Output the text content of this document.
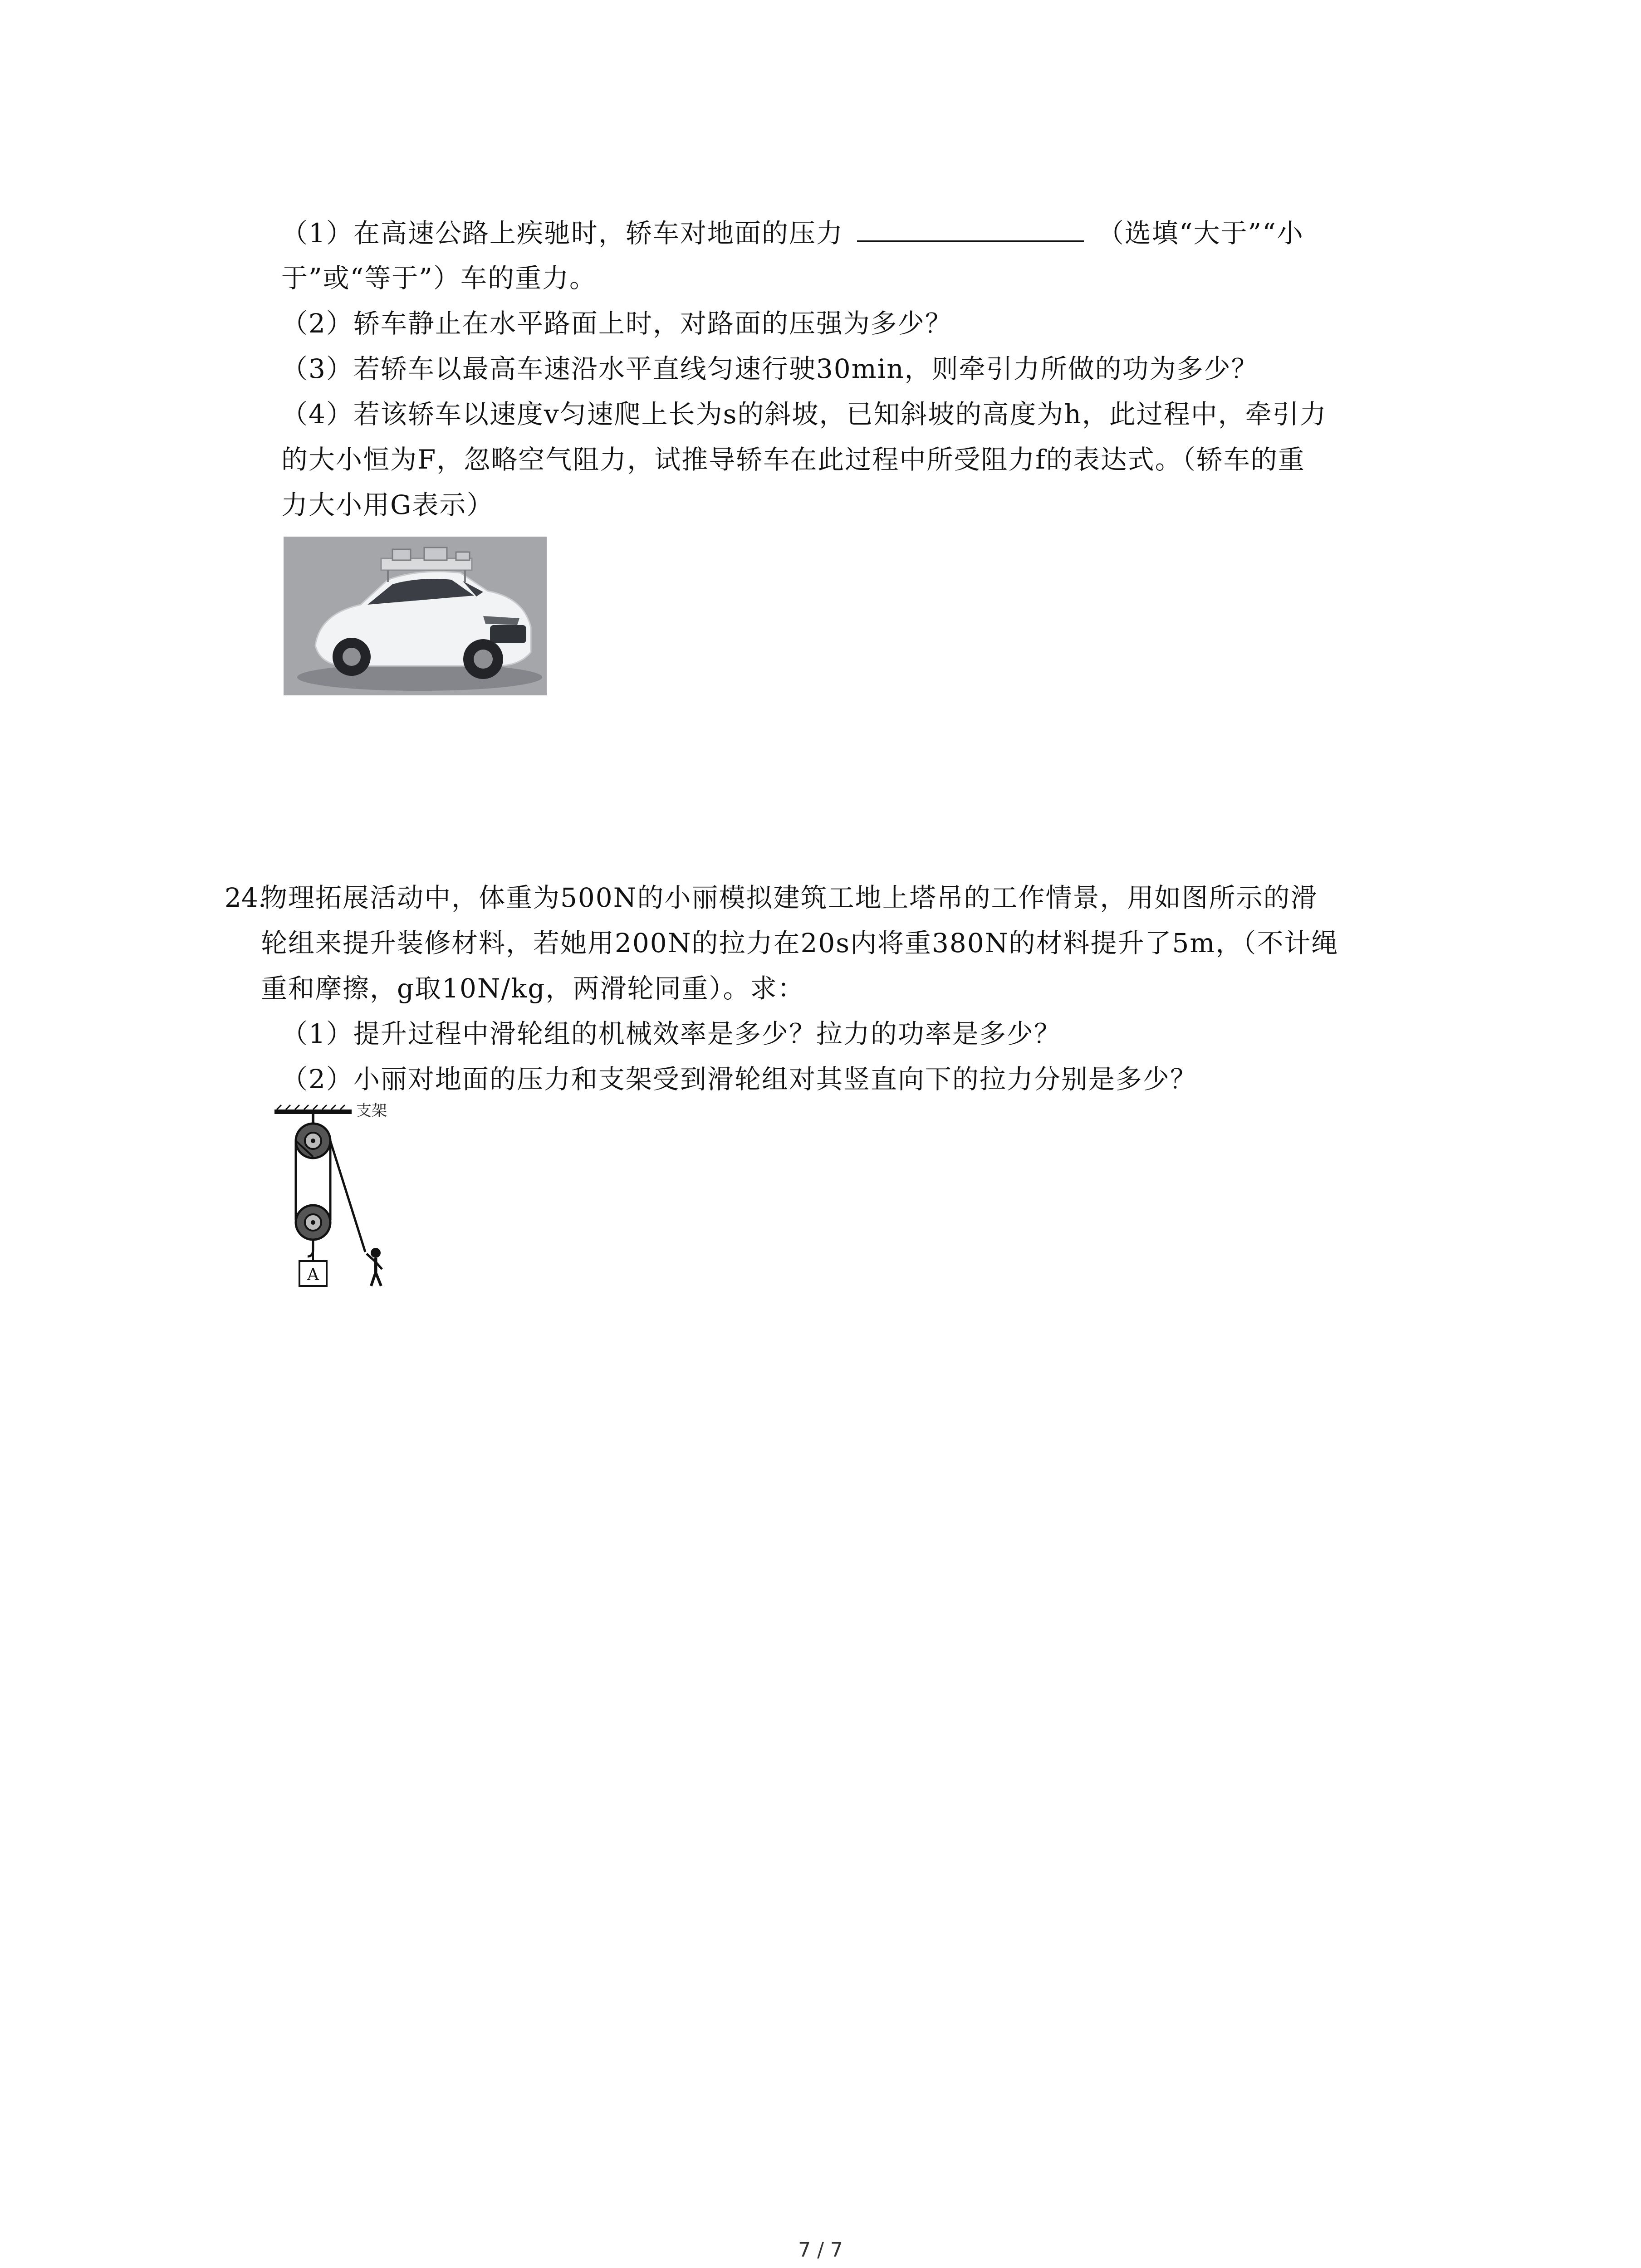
（1）在高速公路上疾驰时，轿车对地面的压力	（选填“大于”“小
于”或“等于”）车的重力。
（2）轿车静止在水平路面上时，对路面的压强为多少？
（3）若轿车以最高车速沿水平直线匀速行驶30min，则牵引力所做的功为多少？
（4）若该轿车以速度v匀速爬上长为s的斜坡，已知斜坡的高度为h，此过程中，牵引力
的大小恒为F，忽略空气阻力，试推导轿车在此过程中所受阻力f的表达式。（轿车的重
力大小用G表示）
24.
物理拓展活动中，体重为500N的小丽模拟建筑工地上塔吊的工作情景，用如图所示的滑
轮组来提升装修材料，若她用200N的拉力在20s内将重380N的材料提升了5m，（不计绳
重和摩擦，g取10N/kg，两滑轮同重）。求：
（1）提升过程中滑轮组的机械效率是多少？拉力的功率是多少？
（2）小丽对地面的压力和支架受到滑轮组对其竖直向下的拉力分别是多少？
支架
A
7 / 7
